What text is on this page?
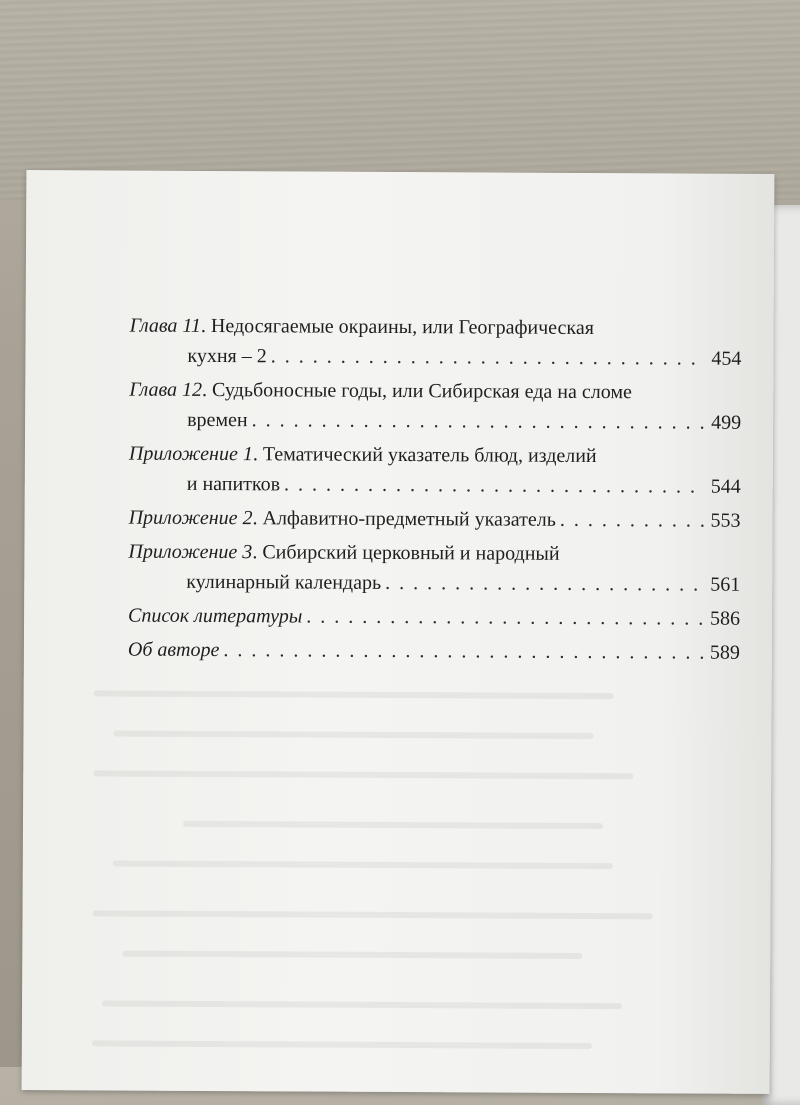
Глава 11 . Недосягаемые окраины, или Географическая
кухня – 2 . . .	454
Глава 12 . Судьбоносные годы, или Сибирская еда на сломе
времен . . .	499
Приложение 1 . Тематический указатель блюд, изделий
и напитков . . .	544
Приложение 2 . Алфавитно-предметный указатель . . .	553
Приложение 3 . Сибирский церковный и народный
кулинарный календарь . . .	561
Список литературы . . .	586
Об авторе . . .	589
